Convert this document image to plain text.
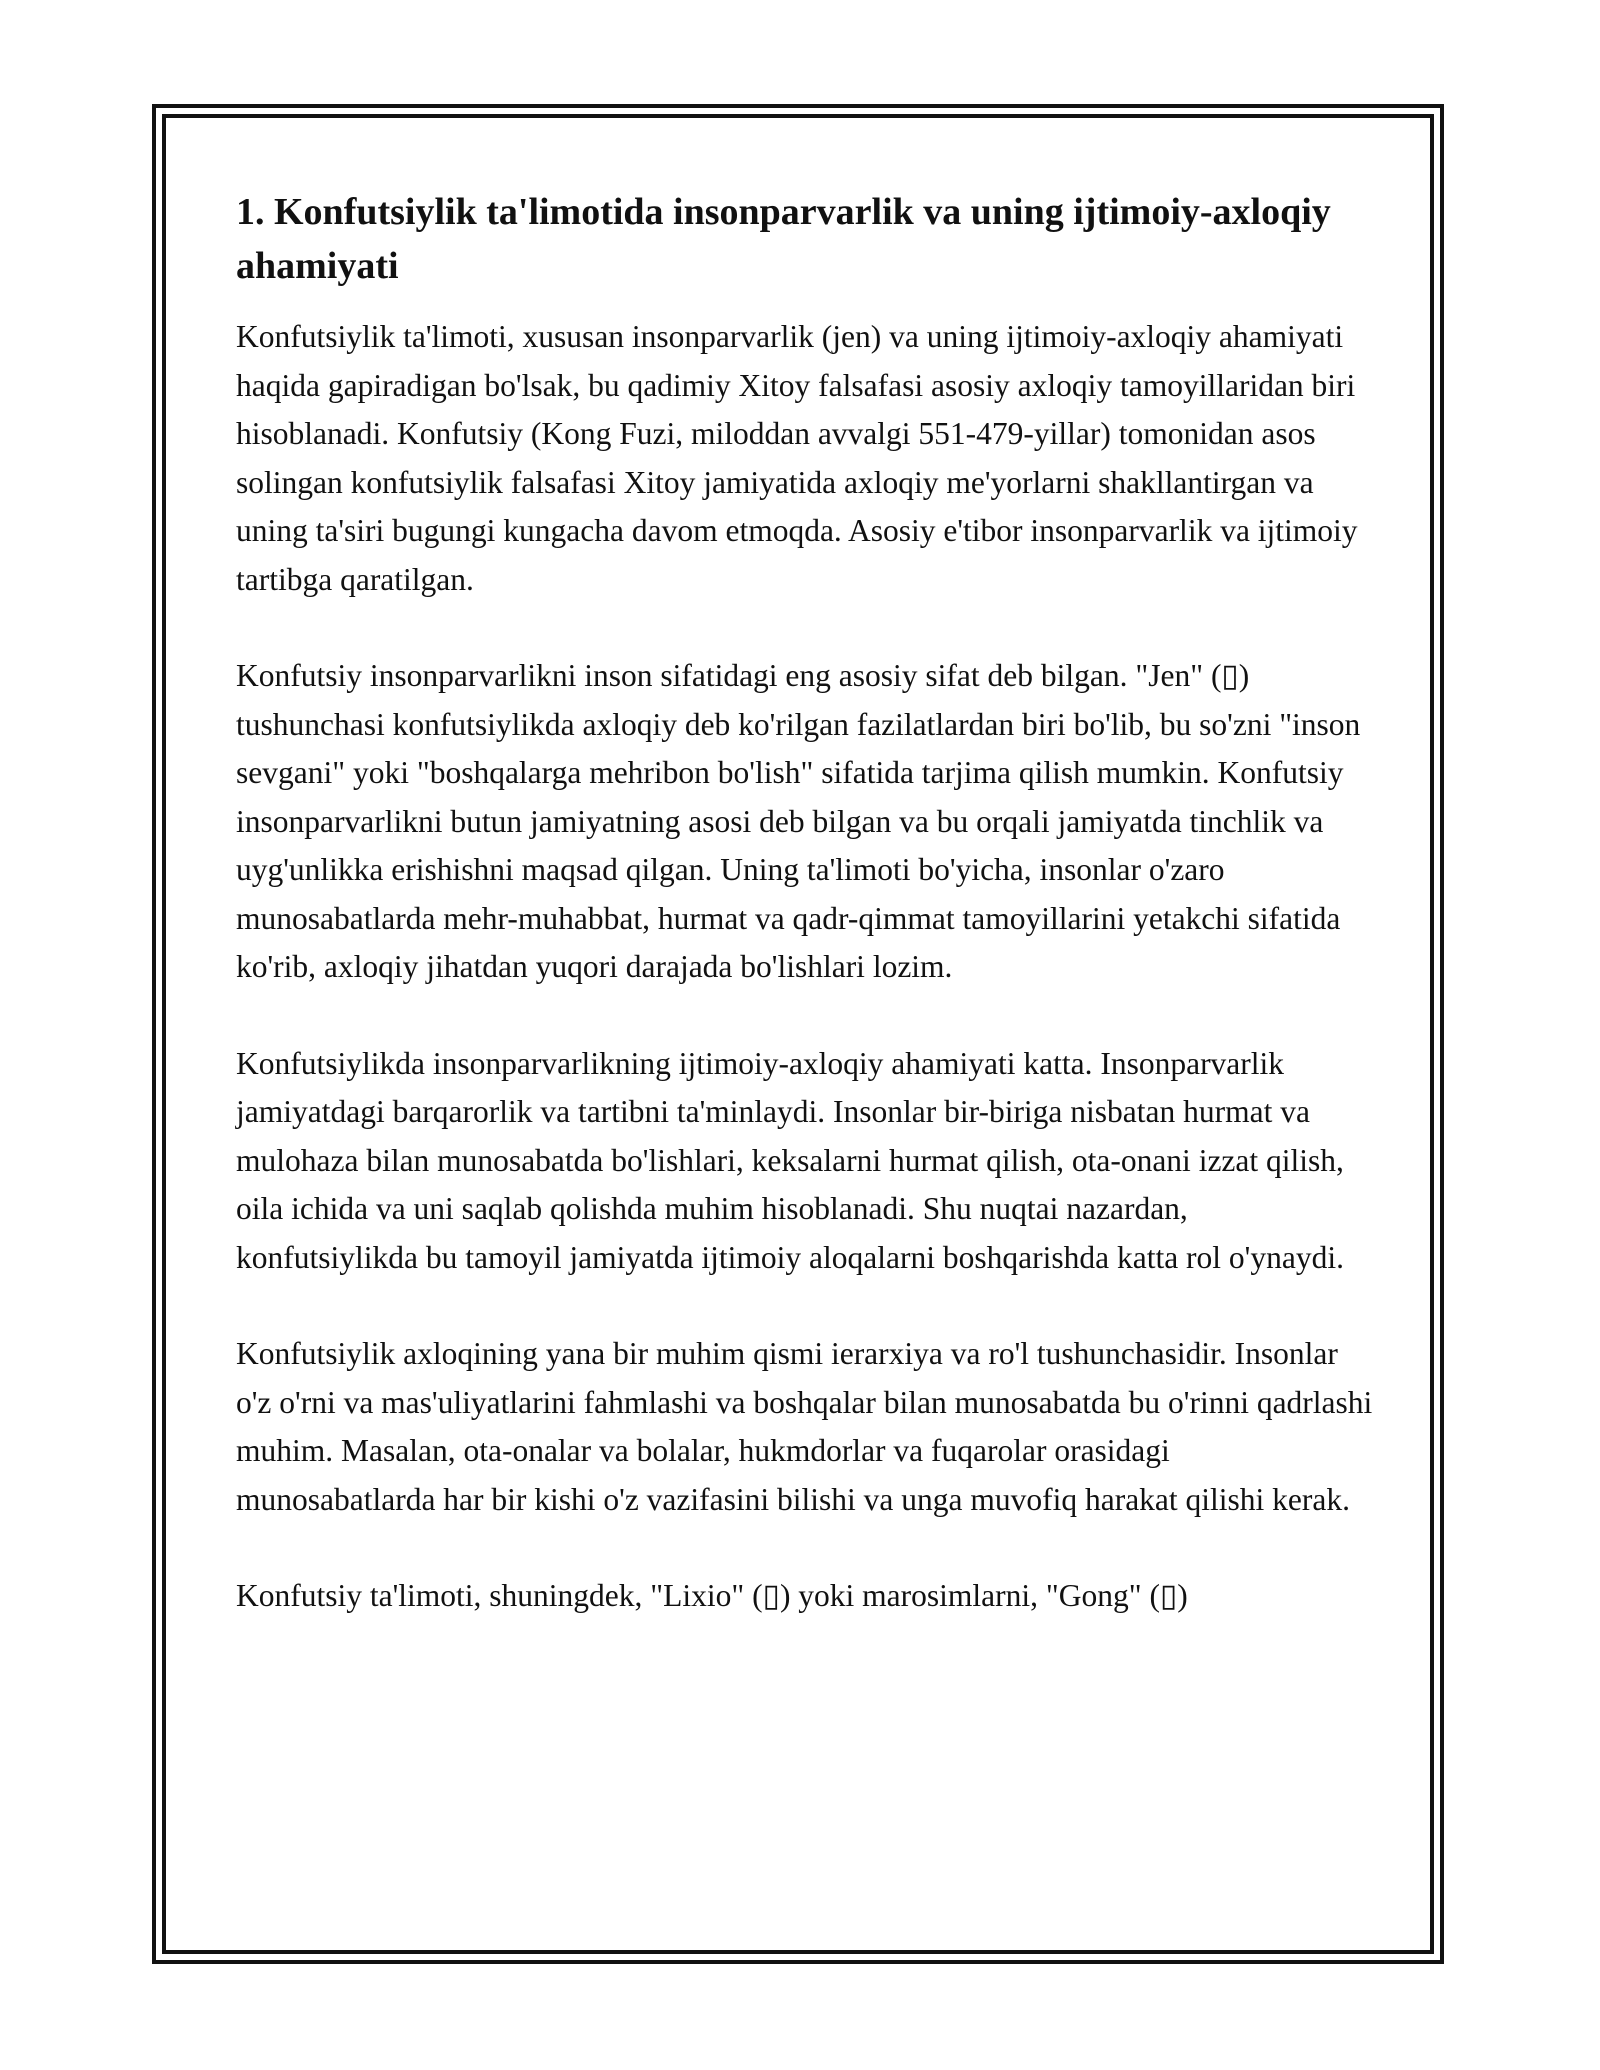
1. Konfutsiylik ta'limotida insonparvarlik va uning ijtimoiy-axloqiy ahamiyati

Konfutsiylik ta'limoti, xususan insonparvarlik (jen) va uning ijtimoiy-axloqiy ahamiyati haqida gapiradigan bo'lsak, bu qadimiy Xitoy falsafasi asosiy axloqiy tamoyillaridan biri hisoblanadi. Konfutsiy (Kong Fuzi, miloddan avvalgi 551-479-yillar) tomonidan asos solingan konfutsiylik falsafasi Xitoy jamiyatida axloqiy me'yorlarni shakllantirgan va uning ta'siri bugungi kungacha davom etmoqda. Asosiy e'tibor insonparvarlik va ijtimoiy tartibga qaratilgan.

Konfutsiy insonparvarlikni inson sifatidagi eng asosiy sifat deb bilgan. "Jen" (▯) tushunchasi konfutsiylikda axloqiy deb ko'rilgan fazilatlardan biri bo'lib, bu so'zni "inson sevgani" yoki "boshqalarga mehribon bo'lish" sifatida tarjima qilish mumkin. Konfutsiy insonparvarlikni butun jamiyatning asosi deb bilgan va bu orqali jamiyatda tinchlik va uyg'unlikka erishishni maqsad qilgan. Uning ta'limoti bo'yicha, insonlar o'zaro munosabatlarda mehr-muhabbat, hurmat va qadr-qimmat tamoyillarini yetakchi sifatida ko'rib, axloqiy jihatdan yuqori darajada bo'lishlari lozim.

Konfutsiylikda insonparvarlikning ijtimoiy-axloqiy ahamiyati katta. Insonparvarlik jamiyatdagi barqarorlik va tartibni ta'minlaydi. Insonlar bir-biriga nisbatan hurmat va mulohaza bilan munosabatda bo'lishlari, keksalarni hurmat qilish, ota-onani izzat qilish, oila ichida va uni saqlab qolishda muhim hisoblanadi. Shu nuqtai nazardan, konfutsiylikda bu tamoyil jamiyatda ijtimoiy aloqalarni boshqarishda katta rol o'ynaydi.

Konfutsiylik axloqining yana bir muhim qismi ierarxiya va ro'l tushunchasidir. Insonlar o'z o'rni va mas'uliyatlarini fahmlashi va boshqalar bilan munosabatda bu o'rinni qadrlashi muhim. Masalan, ota-onalar va bolalar, hukmdorlar va fuqarolar orasidagi munosabatlarda har bir kishi o'z vazifasini bilishi va unga muvofiq harakat qilishi kerak.

Konfutsiy ta'limoti, shuningdek, "Lixio" (▯) yoki marosimlarni, "Gong" (▯)
